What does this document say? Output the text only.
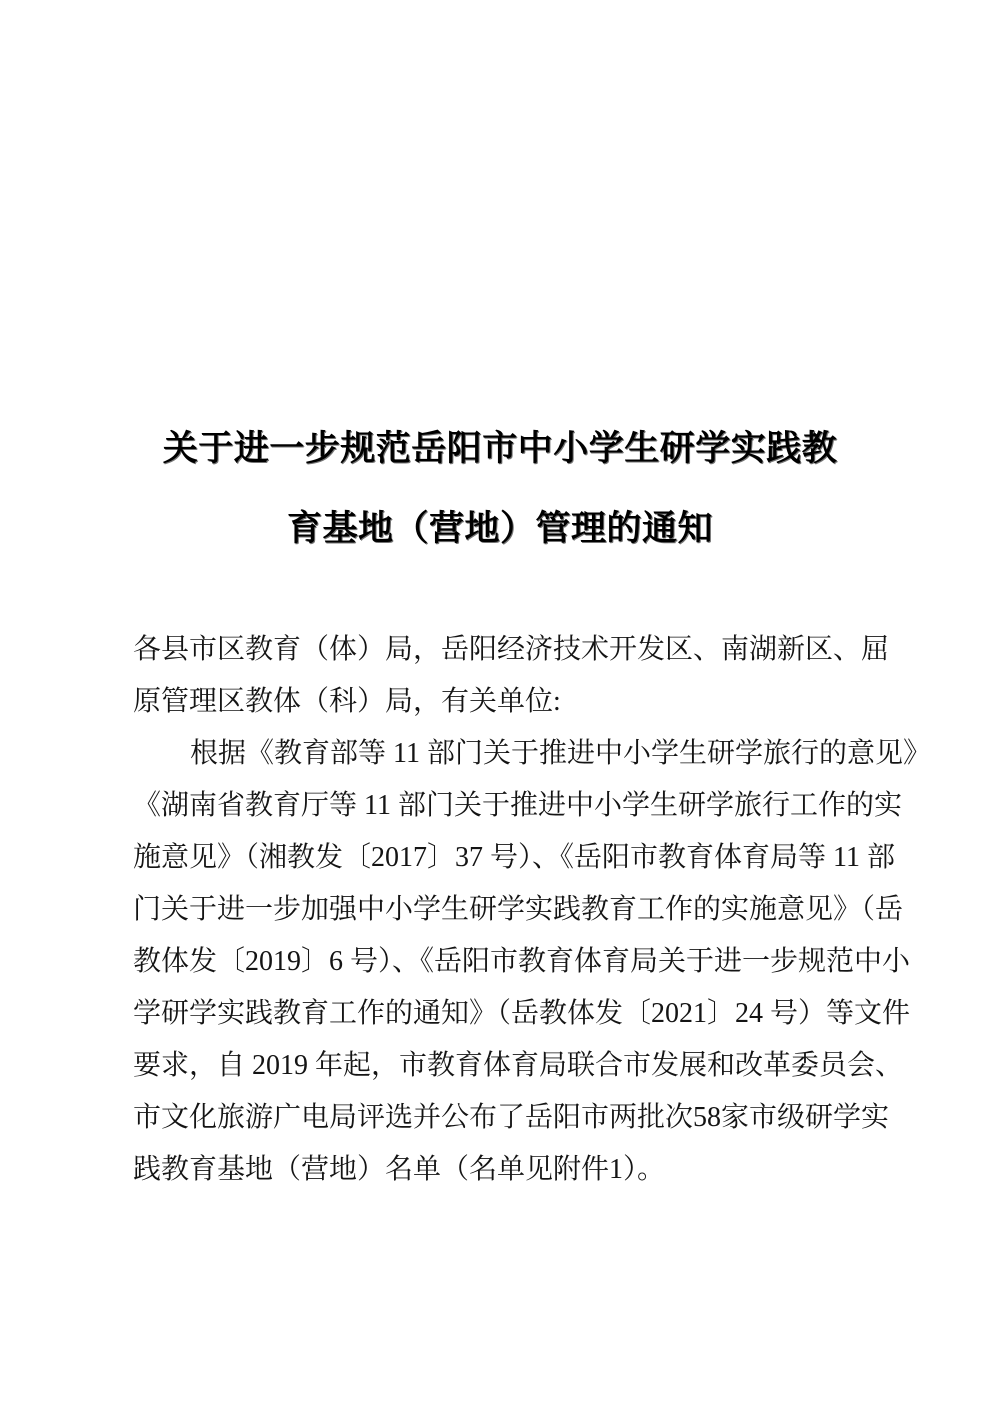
关于进一步规范岳阳市中小学生研学实践教
育基地（营地）管理的通知
各县市区教育（体）局，岳阳经济技术开发区、南湖新区、屈
原管理区教体（科）局，有关单位:
根据《教育部等 11 部门关于推进中小学生研学旅行的意见》
《湖南省教育厅等 11 部门关于推进中小学生研学旅行工作的实
施意见》（湘教发〔2017〕37 号）、《岳阳市教育体育局等 11 部
门关于进一步加强中小学生研学实践教育工作的实施意见》（岳
教体发〔2019〕6 号）、《岳阳市教育体育局关于进一步规范中小
学研学实践教育工作的通知》（岳教体发〔2021〕24 号）等文件
要求，自 2019 年起，市教育体育局联合市发展和改革委员会、
市文化旅游广电局评选并公布了岳阳市两批次58家市级研学实
践教育基地（营地）名单（名单见附件1）。
